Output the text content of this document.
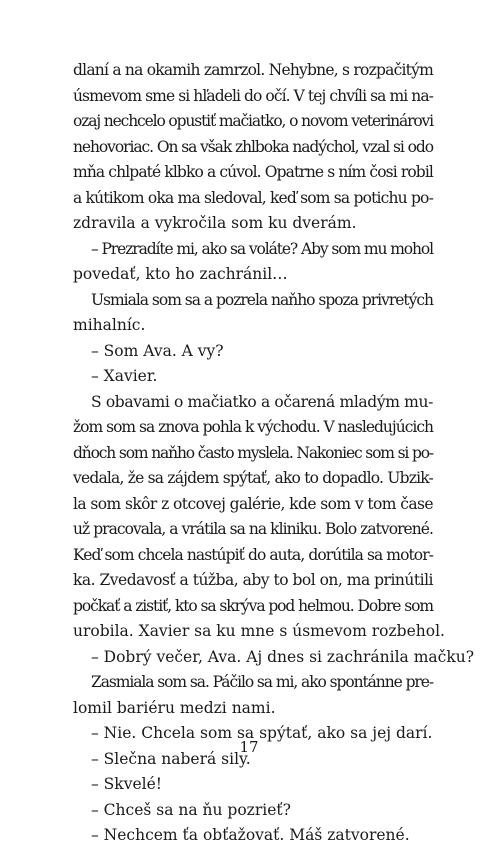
dlaní a na okamih zamrzol. Nehybne, s rozpačitým
úsmevom sme si hľadeli do očí. V tej chvíli sa mi na-
ozaj nechcelo opustiť mačiatko, o novom veterinárovi
nehovoriac. On sa však zhlboka nadýchol, vzal si odo
mňa chlpaté klbko a cúvol. Opatrne s ním čosi robil
a kútikom oka ma sledoval, keď som sa potichu po-
zdravila a vykročila som ku dverám.
– Prezradíte mi, ako sa voláte? Aby som mu mohol
povedať, kto ho zachránil…
Usmiala som sa a pozrela naňho spoza privretých
mihalníc.
– Som Ava. A vy?
– Xavier.
S obavami o mačiatko a očarená mladým mu-
žom som sa znova pohla k východu. V nasledujúcich
dňoch som naňho často myslela. Nakoniec som si po-
vedala, že sa zájdem spýtať, ako to dopadlo. Ubzik-
la som skôr z otcovej galérie, kde som v tom čase
už pracovala, a vrátila sa na kliniku. Bolo zatvorené.
Keď som chcela nastúpiť do auta, dorútila sa motor-
ka. Zvedavosť a túžba, aby to bol on, ma prinútili
počkať a zistiť, kto sa skrýva pod helmou. Dobre som
urobila. Xavier sa ku mne s úsmevom rozbehol.
– Dobrý večer, Ava. Aj dnes si zachránila mačku?
Zasmiala som sa. Páčilo sa mi, ako spontánne pre-
lomil bariéru medzi nami.
– Nie. Chcela som sa spýtať, ako sa jej darí.
– Slečna naberá sily.
– Skvelé!
– Chceš sa na ňu pozrieť?
– Nechcem ťa obťažovať. Máš zatvorené.
17
